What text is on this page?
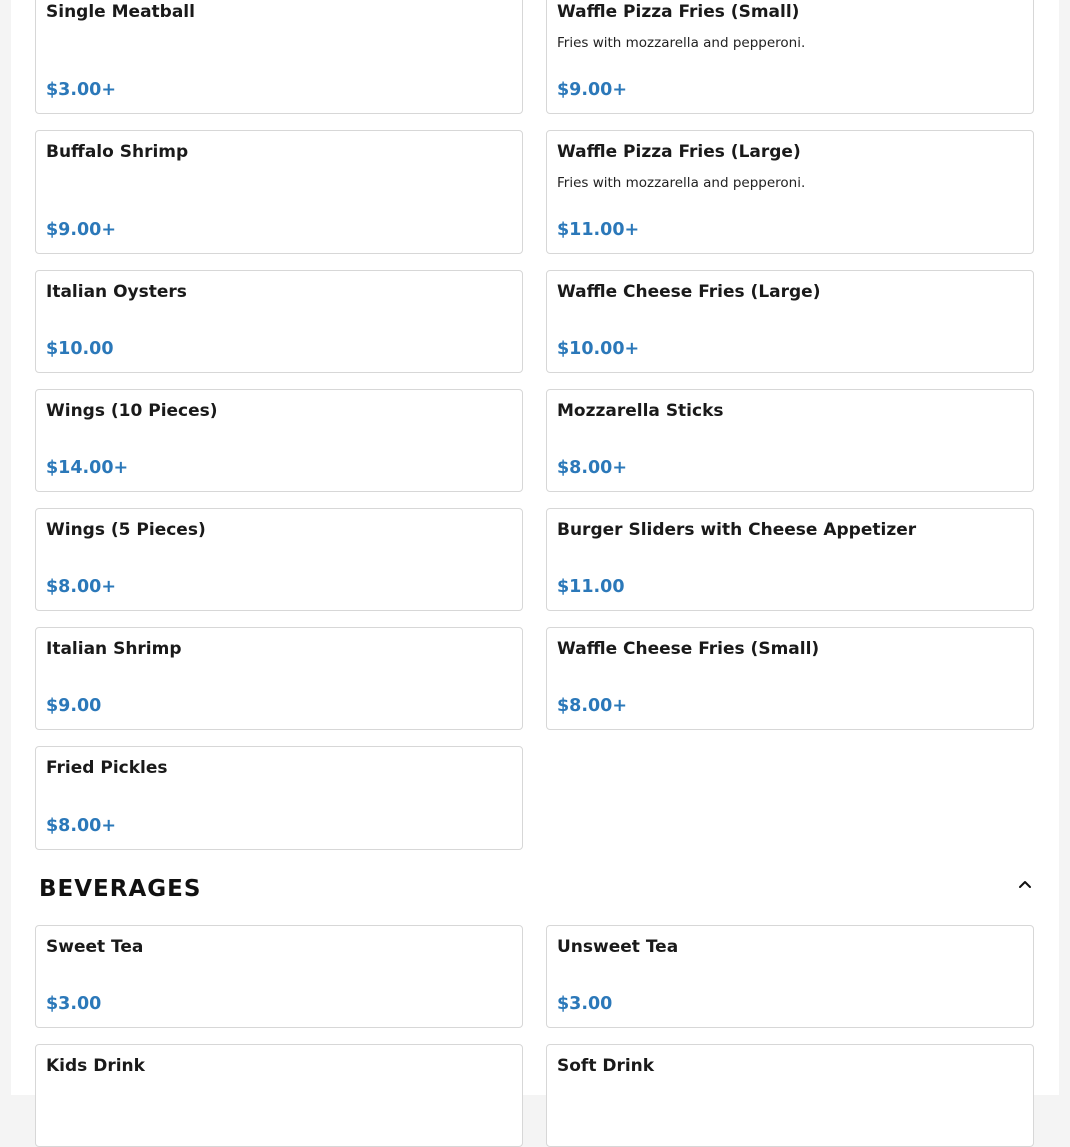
Single Meatball
$3.00+
Waffle Pizza Fries (Small)
Fries with mozzarella and pepperoni.
$9.00+
Buffalo Shrimp
$9.00+
Waffle Pizza Fries (Large)
Fries with mozzarella and pepperoni.
$11.00+
Italian Oysters
$10.00
Waffle Cheese Fries (Large)
$10.00+
Wings (10 Pieces)
$14.00+
Mozzarella Sticks
$8.00+
Wings (5 Pieces)
$8.00+
Burger Sliders with Cheese Appetizer
$11.00
Italian Shrimp
$9.00
Waffle Cheese Fries (Small)
$8.00+
Fried Pickles
$8.00+
BEVERAGES
Sweet Tea
$3.00
Unsweet Tea
$3.00
Kids Drink	Soft Drink
